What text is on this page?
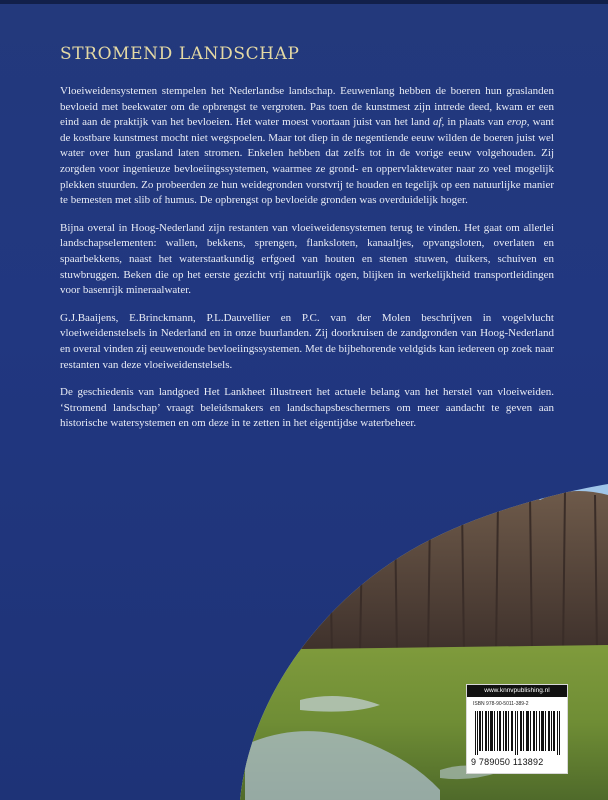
STROMEND LANDSCHAP

Vloeiweidensystemen stempelen het Nederlandse landschap. Eeuwenlang hebben de boeren hun graslanden bevloeid met beekwater om de opbrengst te vergroten. Pas toen de kunstmest zijn intrede deed, kwam er een eind aan de praktijk van het bevloeien. Het water moest voortaan juist van het land af, in plaats van erop, want de kostbare kunstmest mocht niet wegspoelen. Maar tot diep in de negentiende eeuw wilden de boeren juist wel water over hun grasland laten stromen. Enkelen hebben dat zelfs tot in de vorige eeuw volgehouden. Zij zorgden voor ingenieuze bevloeiingssystemen, waarmee ze grond- en oppervlaktewater naar zo veel mogelijk plekken stuurden. Zo probeerden ze hun weidegronden vorstvrij te houden en tegelijk op een natuurlijke manier te bemesten met slib of humus. De opbrengst op bevloeide gronden was overduidelijk hoger.

Bijna overal in Hoog-Nederland zijn restanten van vloeiweidensystemen terug te vinden. Het gaat om allerlei landschapselementen: wallen, bekkens, sprengen, flanksloten, kanaaltjes, opvangsloten, overlaten en spaarbekkens, naast het waterstaatkundig erfgoed van houten en stenen stuwen, duikers, schuiven en stuwbruggen. Beken die op het eerste gezicht vrij natuurlijk ogen, blijken in werkelijkheid transportleidingen voor basenrijk mineraalwater.

G.J.Baaijens, E.Brinckmann, P.L.Dauvellier en P.C. van der Molen beschrijven in vogelvlucht vloeiweidenstelsels in Nederland en in onze buurlanden. Zij doorkruisen de zandgronden van Hoog-Nederland en overal vinden zij eeuwenoude bevloeiingssystemen. Met de bijbehorende veldgids kan iedereen op zoek naar restanten van deze vloeiweidenstelsels.

De geschiedenis van landgoed Het Lankheet illustreert het actuele belang van het herstel van vloeiweiden. ‘Stromend landschap’ vraagt beleidsmakers en landschapsbeschermers om meer aandacht te geven aan historische watersystemen en om deze in te zetten in het eigentijdse waterbeheer.

www.knnvpublishing.nl
ISBN 978-90-5011-389-2
9 789050 113892
